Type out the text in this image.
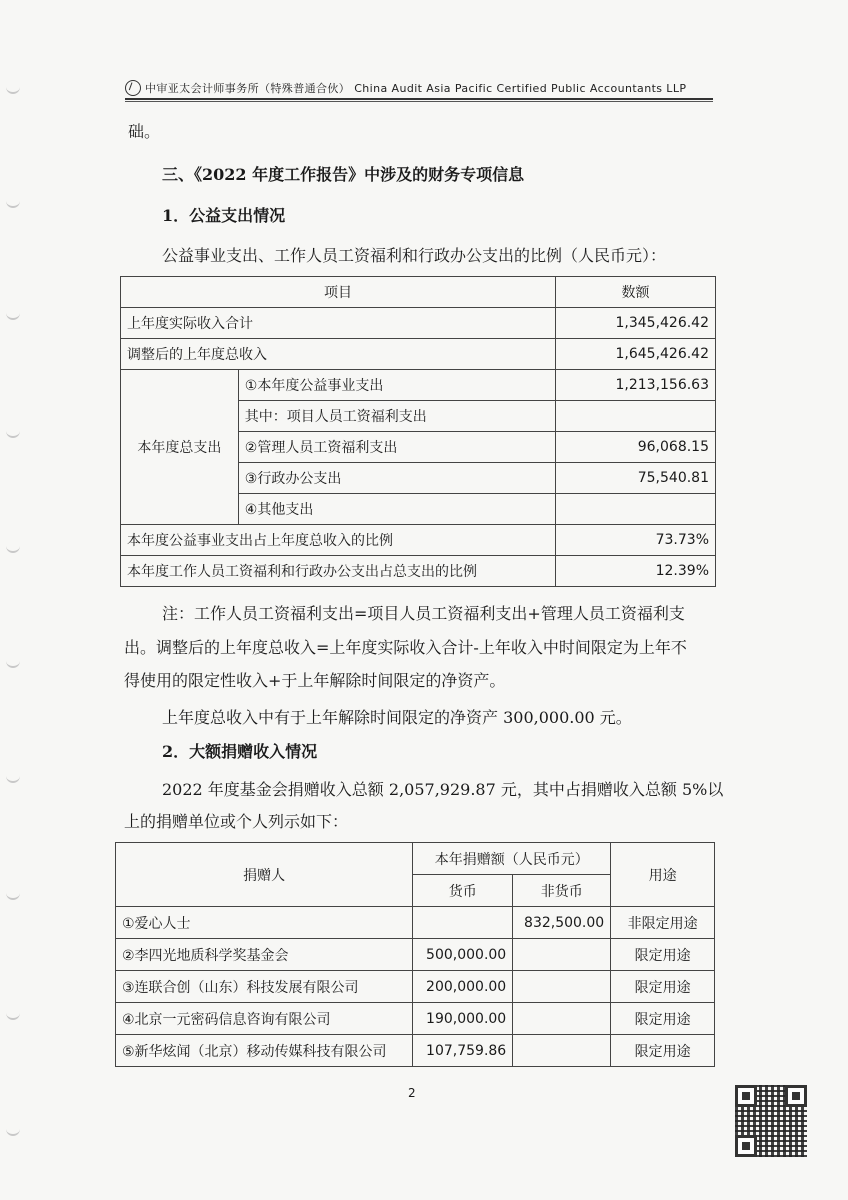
中审亚太会计师事务所（特殊普通合伙） China Audit Asia Pacific Certified Public Accountants LLP
础。
三、《2022 年度工作报告》中涉及的财务专项信息
1．公益支出情况
公益事业支出、工作人员工资福利和行政办公支出的比例（人民币元）：
项目		数额
上年度实际收入合计		1,345,426.42
调整后的上年度总收入		1,645,426.42
本年度总支出	①本年度公益事业支出	1,213,156.63
	其中：项目人员工资福利支出	
	②管理人员工资福利支出	96,068.15
	③行政办公支出	75,540.81
	④其他支出	
本年度公益事业支出占上年度总收入的比例		73.73%
本年度工作人员工资福利和行政办公支出占总支出的比例		12.39%
注：工作人员工资福利支出=项目人员工资福利支出+管理人员工资福利支
出。调整后的上年度总收入=上年度实际收入合计-上年收入中时间限定为上年不
得使用的限定性收入+于上年解除时间限定的净资产。
上年度总收入中有于上年解除时间限定的净资产 300,000.00 元。
2．大额捐赠收入情况
2022 年度基金会捐赠收入总额 2,057,929.87 元，其中占捐赠收入总额 5%以
上的捐赠单位或个人列示如下：
捐赠人	本年捐赠额（人民币元）		用途
	货币	非货币	
①爱心人士		832,500.00	非限定用途
②李四光地质科学奖基金会	500,000.00		限定用途
③连联合创（山东）科技发展有限公司	200,000.00		限定用途
④北京一元密码信息咨询有限公司	190,000.00		限定用途
⑤新华炫闻（北京）移动传媒科技有限公司	107,759.86		限定用途
2
